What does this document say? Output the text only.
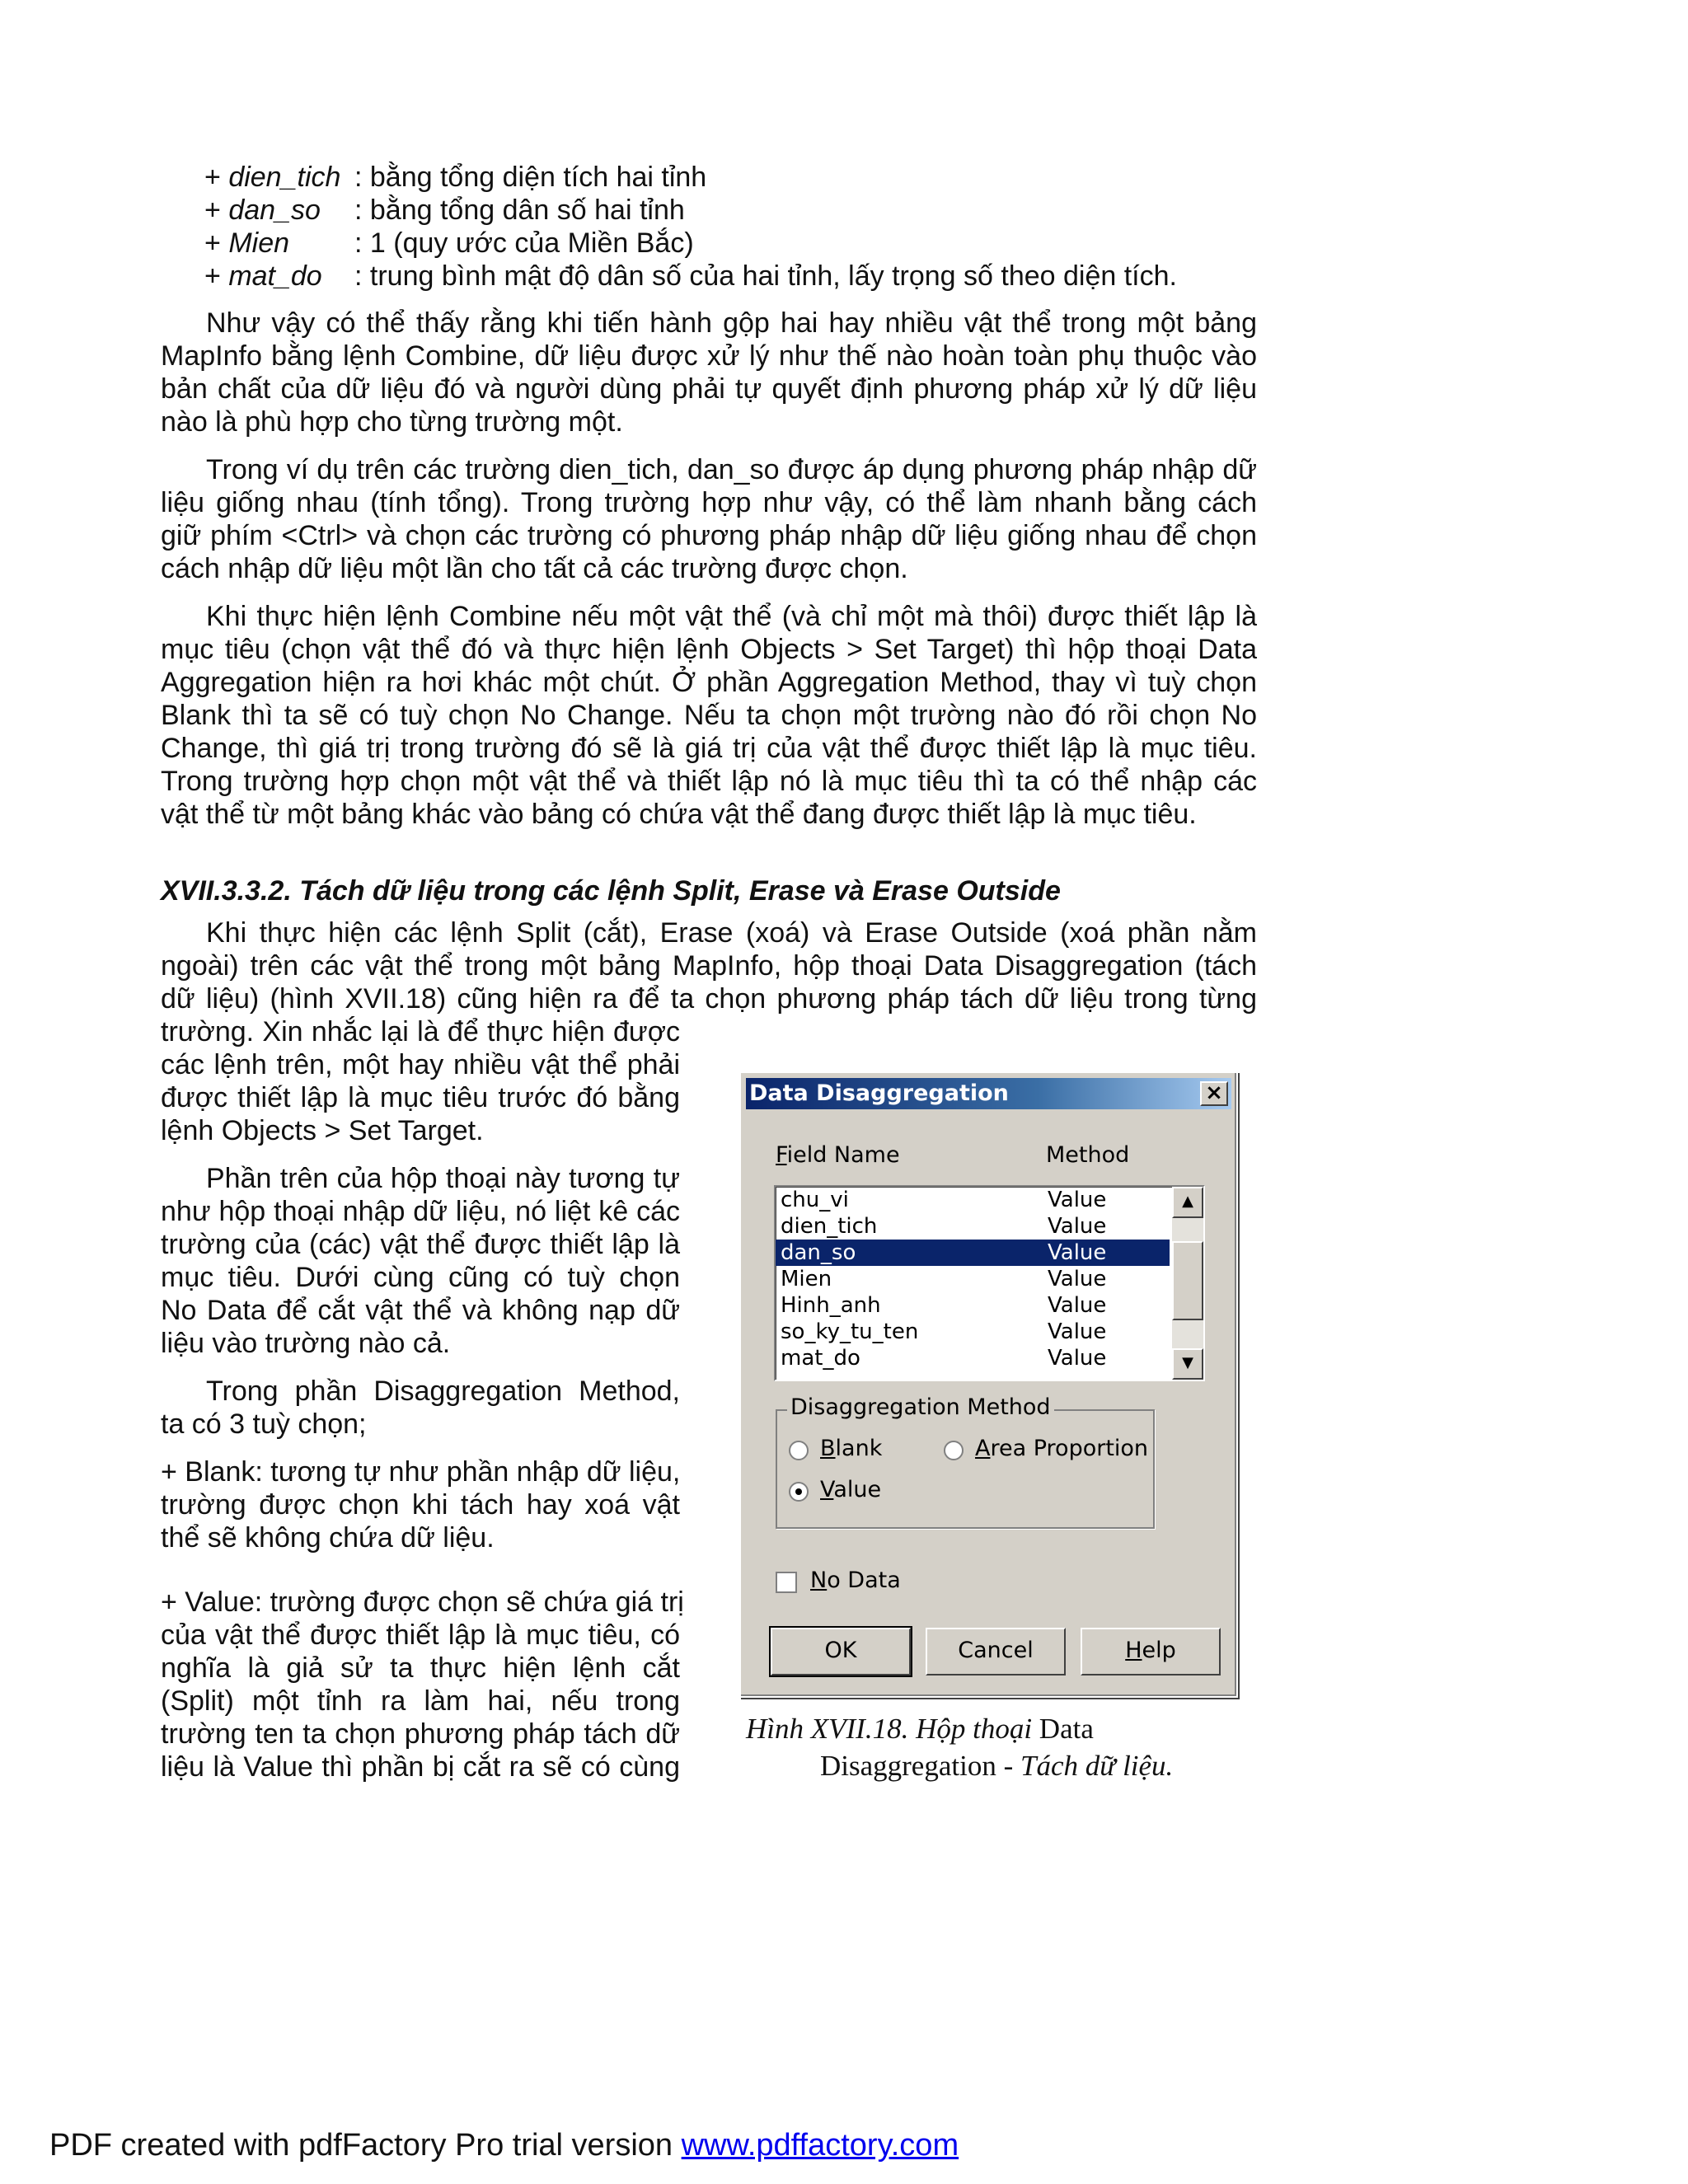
+ dien_tich : bằng tổng diện tích hai tỉnh
+ dan_so	: bằng tổng dân số hai tỉnh
+ Mien	: 1 (quy ước của Miền Bắc)
+ mat_do	: trung bình mật độ dân số của hai tỉnh, lấy trọng số theo diện tích.
Như vậy có thể thấy rằng khi tiến hành gộp hai hay nhiều vật thể trong một bảng
MapInfo bằng lệnh Combine, dữ liệu được xử lý như thế nào hoàn toàn phụ thuộc vào
bản chất của dữ liệu đó và người dùng phải tự quyết định phương pháp xử lý dữ liệu
nào là phù hợp cho từng trường một.
Trong ví dụ trên các trường dien_tich, dan_so được áp dụng phương pháp nhập dữ
liệu giống nhau (tính tổng). Trong trường hợp như vậy, có thể làm nhanh bằng cách
giữ phím <Ctrl> và chọn các trường có phương pháp nhập dữ liệu giống nhau để chọn
cách nhập dữ liệu một lần cho tất cả các trường được chọn.
Khi thực hiện lệnh Combine nếu một vật thể (và chỉ một mà thôi) được thiết lập là
mục tiêu (chọn vật thể đó và thực hiện lệnh Objects > Set Target) thì hộp thoại Data
Aggregation hiện ra hơi khác một chút. Ở phần Aggregation Method, thay vì tuỳ chọn
Blank thì ta sẽ có tuỳ chọn No Change. Nếu ta chọn một trường nào đó rồi chọn No
Change, thì giá trị trong trường đó sẽ là giá trị của vật thể được thiết lập là mục tiêu.
Trong trường hợp chọn một vật thể và thiết lập nó là mục tiêu thì ta có thể nhập các
vật thể từ một bảng khác vào bảng có chứa vật thể đang được thiết lập là mục tiêu.
XVII.3.3.2. Tách dữ liệu trong các lệnh Split, Erase và Erase Outside
Khi thực hiện các lệnh Split (cắt), Erase (xoá) và Erase Outside (xoá phần nằm
ngoài) trên các vật thể trong một bảng MapInfo, hộp thoại Data Disaggregation (tách
dữ liệu) (hình XVII.18) cũng hiện ra để ta chọn phương pháp tách dữ liệu trong từng
trường. Xin nhắc lại là để thực hiện được
các lệnh trên, một hay nhiều vật thể phải
được thiết lập là mục tiêu trước đó bằng
lệnh Objects > Set Target.
Phần trên của hộp thoại này tương tự
như hộp thoại nhập dữ liệu, nó liệt kê các
trường của (các) vật thể được thiết lập là
mục tiêu. Dưới cùng cũng có tuỳ chọn
No Data để cắt vật thể và không nạp dữ
liệu vào trường nào cả.
Trong phần Disaggregation Method,
ta có 3 tuỳ chọn;
+ Blank: tương tự như phần nhập dữ liệu,
trường được chọn khi tách hay xoá vật
thể sẽ không chứa dữ liệu.
+ Value: trường được chọn sẽ chứa giá trị
của vật thể được thiết lập là mục tiêu, có
nghĩa là giả sử ta thực hiện lệnh cắt
(Split) một tỉnh ra làm hai, nếu trong
trường ten ta chọn phương pháp tách dữ
liệu là Value thì phần bị cắt ra sẽ có cùng
Data Disaggregation	×
Field Name	Method
chu_vi	Value
dien_tich	Value
dan_so	Value
Mien	Value
Hinh_anh	Value
so_ky_tu_ten	Value
mat_do	Value
▲
▼
Disaggregation Method
Blank	Area Proportion
Value
No Data
OK	Cancel	Help
Hình XVII.18. Hộp thoại Data
Disaggregation - Tách dữ liệu.
PDF created with pdfFactory Pro trial version www.pdffactory.com
